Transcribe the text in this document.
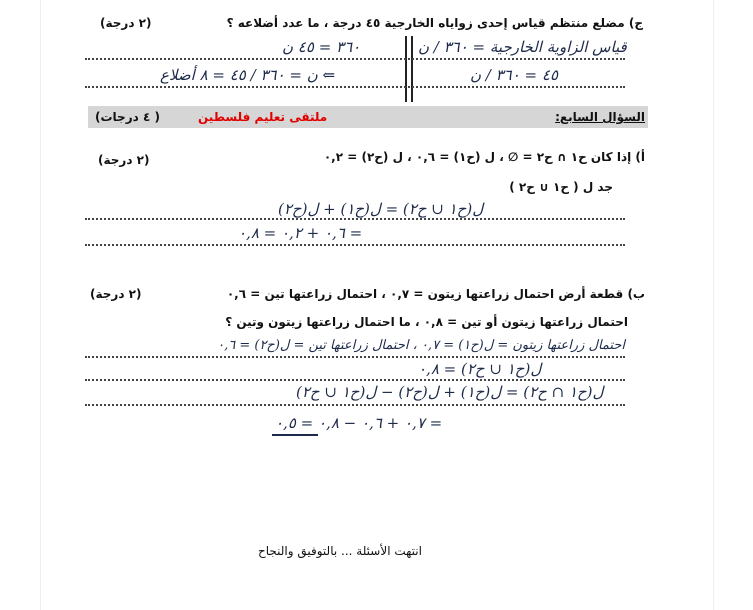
ج) مضلع منتظم قياس إحدى زواياه الخارجية ٤٥ درجة ، ما عدد أضلاعه ؟
(٢ درجة)
قياس الزاوية الخارجية = ٣٦٠ / ن
٣٦٠ = ٤٥ ن
٤٥ = ٣٦٠ / ن
⇐ ن = ٣٦٠ / ٤٥ = ٨ أضلاع
السؤال السابع:
ملتقى تعليم فلسطين
( ٤ درجات)
أ) إذا كان ح١ ∩ ح٢ = ∅ ، ل (ح١) = ٠,٦ ، ل (ح٢) = ٠,٢
(٢ درجة)
جد ل ( ح١ ∪ ح٢ )
ل(ح١ ∪ ح٢) = ل(ح١) + ل(ح٢)
= ٠,٦ + ٠,٢ = ٠,٨
ب) قطعة أرض احتمال زراعتها زيتون = ٠,٧ ، احتمال زراعتها تين = ٠,٦
(٢ درجة)
احتمال زراعتها زيتون أو تين = ٠,٨ ، ما احتمال زراعتها زيتون وتين ؟
احتمال زراعتها زيتون = ل(ح١) = ٠,٧ ، احتمال زراعتها تين = ل(ح٢) = ٠,٦
ل(ح١ ∪ ح٢) = ٠,٨
ل(ح١ ∩ ح٢) = ل(ح١) + ل(ح٢) − ل(ح١ ∪ ح٢)
= ٠,٧ + ٠,٦ − ٠,٨ = ٠,٥
انتهت الأسئلة ... بالتوفيق والنجاح
